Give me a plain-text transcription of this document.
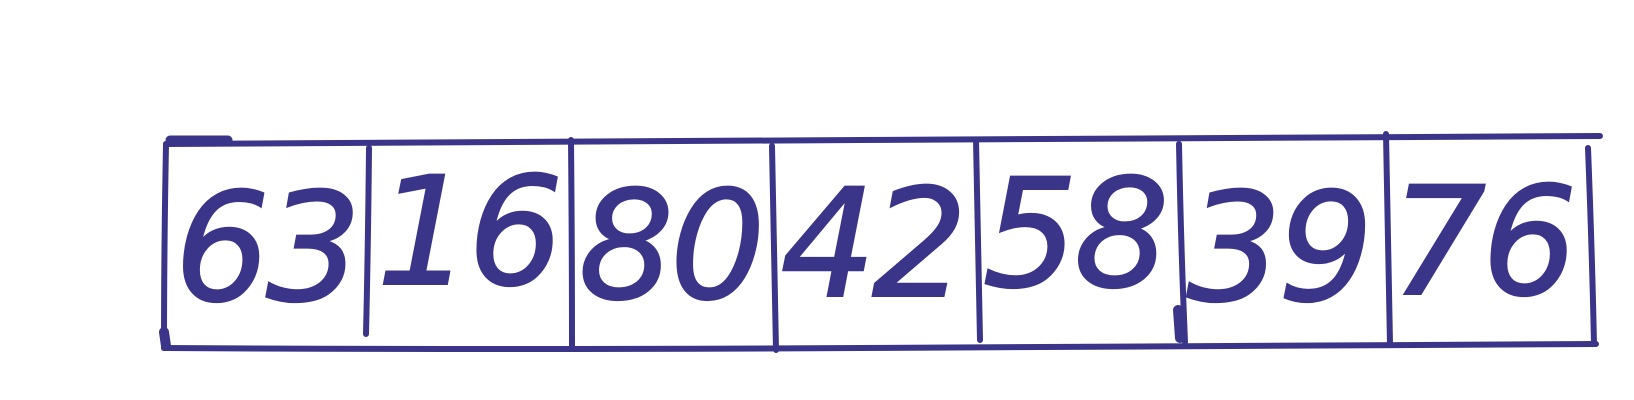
63 16 80 42 58 39 76
